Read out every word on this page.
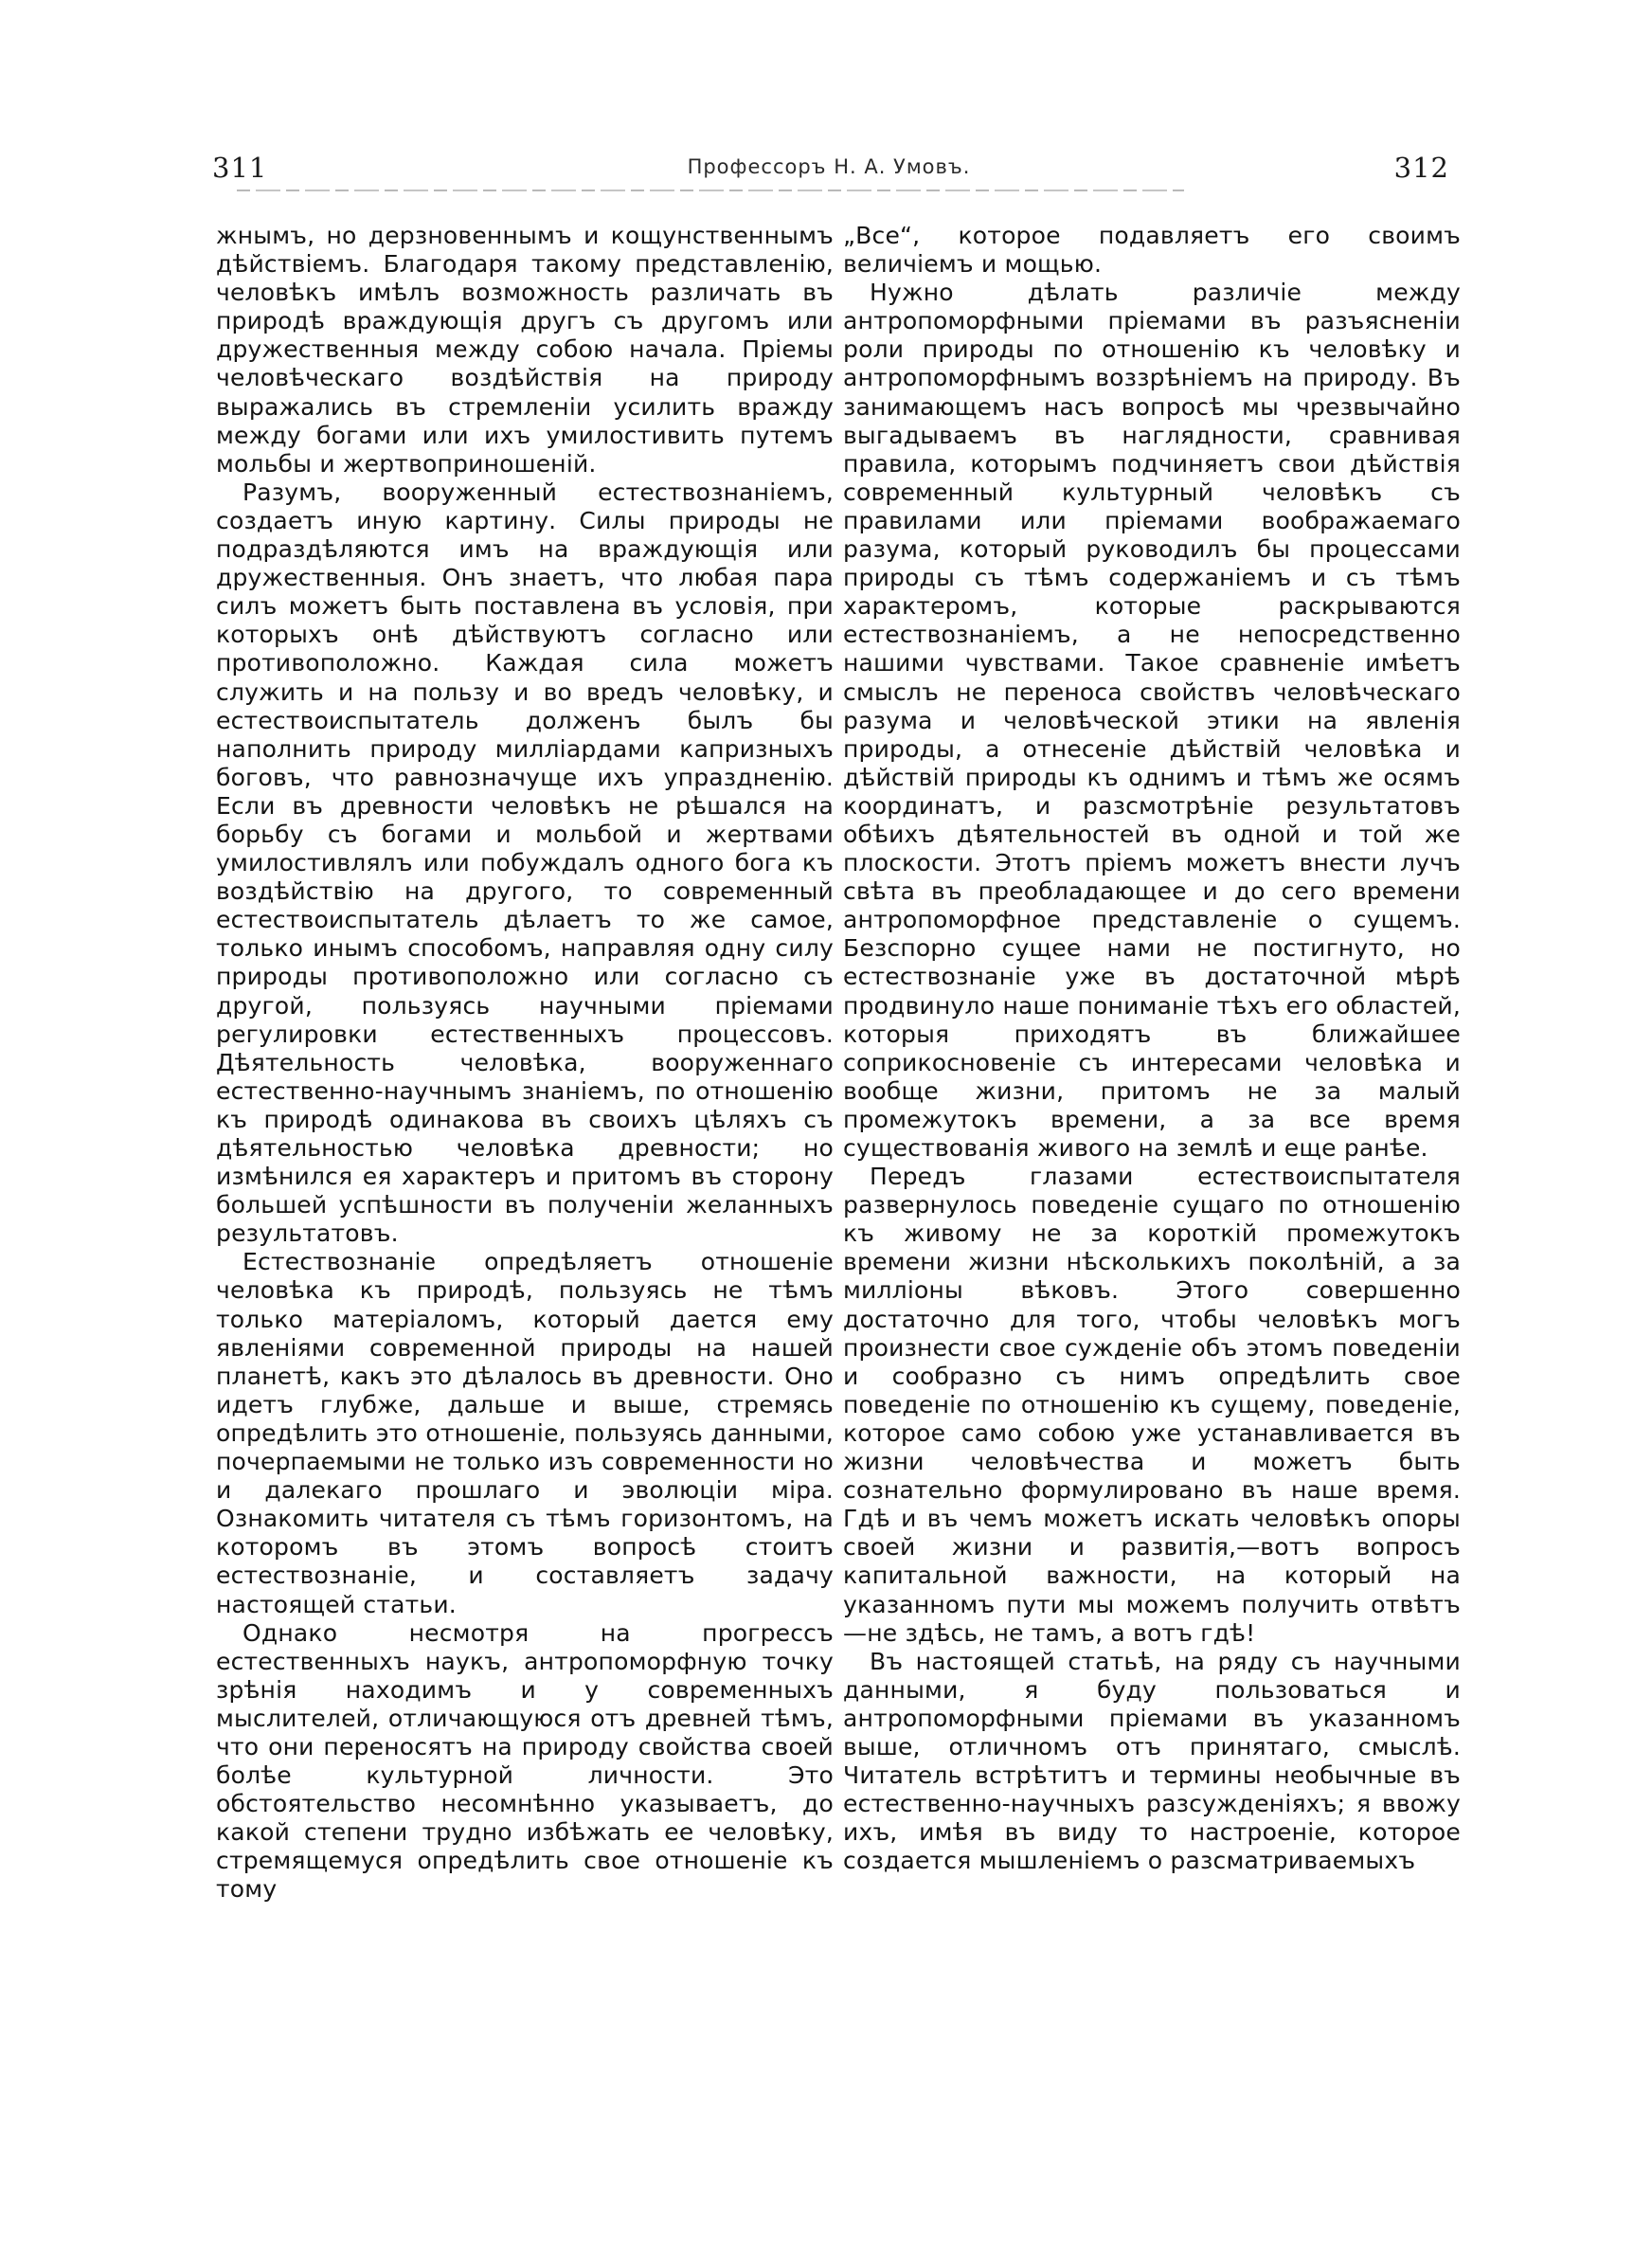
311	Профессоръ Н. А. Умовъ.	312

жнымъ, но дерзновеннымъ и кощунственнымъ дѣйствіемъ. Благодаря такому представленію, человѣкъ имѣлъ возможность различать въ природѣ враждующія другъ съ другомъ или дружественныя между собою начала. Пріемы человѣческаго воздѣйствія на природу выражались въ стремленіи усилить вражду между богами или ихъ умилостивить путемъ мольбы и жертвоприношеній.

Разумъ, вооруженный естествознаніемъ, создаетъ иную картину. Силы природы не подраздѣляются имъ на враждующія или дружественныя. Онъ знаетъ, что любая пара силъ можетъ быть поставлена въ условія, при которыхъ онѣ дѣйствуютъ согласно или противоположно. Каждая сила можетъ служить и на пользу и во вредъ человѣку, и естествоиспытатель долженъ былъ бы наполнить природу милліардами капризныхъ боговъ, что равнозначуще ихъ упраздненію. Если въ древности человѣкъ не рѣшался на борьбу съ богами и мольбой и жертвами умилостивлялъ или побуждалъ одного бога къ воздѣйствію на другого, то современный естествоиспытатель дѣлаетъ то же самое, только инымъ способомъ, направляя одну силу природы противоположно или согласно съ другой, пользуясь научными пріемами регулировки естественныхъ процессовъ. Дѣятельность человѣка, вооруженнаго естественно-научнымъ знаніемъ, по отношенію къ природѣ одинакова въ своихъ цѣляхъ съ дѣятельностью человѣка древности; но измѣнился ея характеръ и притомъ въ сторону большей успѣшности въ полученіи желанныхъ результатовъ.

Естествознаніе опредѣляетъ отношеніе человѣка къ природѣ, пользуясь не тѣмъ только матеріаломъ, который дается ему явленіями современной природы на нашей планетѣ, какъ это дѣлалось въ древности. Оно идетъ глубже, дальше и выше, стремясь опредѣлить это отношеніе, пользуясь данными, почерпаемыми не только изъ современности но и далекаго прошлаго и эволюціи міра. Ознакомить читателя съ тѣмъ горизонтомъ, на которомъ въ этомъ вопросѣ стоитъ естествознаніе, и составляетъ задачу настоящей статьи.

Однако несмотря на прогрессъ естественныхъ наукъ, антропоморфную точку зрѣнія находимъ и у современныхъ мыслителей, отличающуюся отъ древней тѣмъ, что они переносятъ на природу свойства своей болѣе культурной личности. Это обстоятельство несомнѣнно указываетъ, до какой степени трудно избѣжать ее человѣку, стремящемуся опредѣлить свое отношеніе къ тому

„Все“, которое подавляетъ его своимъ величіемъ и мощью.

Нужно дѣлать различіе между антропоморфными пріемами въ разъясненіи роли природы по отношенію къ человѣку и антропоморфнымъ воззрѣніемъ на природу. Въ занимающемъ насъ вопросѣ мы чрезвычайно выгадываемъ въ наглядности, сравнивая правила, которымъ подчиняетъ свои дѣйствія современный культурный человѣкъ съ правилами или пріемами воображаемаго разума, который руководилъ бы процессами природы съ тѣмъ содержаніемъ и съ тѣмъ характеромъ, которые раскрываются естествознаніемъ, а не непосредственно нашими чувствами. Такое сравненіе имѣетъ смыслъ не переноса свойствъ человѣческаго разума и человѣческой этики на явленія природы, а отнесеніе дѣйствій человѣка и дѣйствій природы къ однимъ и тѣмъ же осямъ координатъ, и разсмотрѣніе результатовъ обѣихъ дѣятельностей въ одной и той же плоскости. Этотъ пріемъ можетъ внести лучъ свѣта въ преобладающее и до сего времени антропоморфное представленіе о сущемъ. Безспорно сущее нами не постигнуто, но естествознаніе уже въ достаточной мѣрѣ продвинуло наше пониманіе тѣхъ его областей, которыя приходятъ въ ближайшее соприкосновеніе съ интересами человѣка и вообще жизни, притомъ не за малый промежутокъ времени, а за все время существованія живого на землѣ и еще ранѣе.

Передъ глазами естествоиспытателя развернулось поведеніе сущаго по отношенію къ живому не за короткій промежутокъ времени жизни нѣсколькихъ поколѣній, а за милліоны вѣковъ. Этого совершенно достаточно для того, чтобы человѣкъ могъ произнести свое сужденіе объ этомъ поведеніи и сообразно съ нимъ опредѣлить свое поведеніе по отношенію къ сущему, поведеніе, которое само собою уже устанавливается въ жизни человѣчества и можетъ быть сознательно формулировано въ наше время. Гдѣ и въ чемъ можетъ искать человѣкъ опоры своей жизни и развитія,—вотъ вопросъ капитальной важности, на который на указанномъ пути мы можемъ получить отвѣтъ—не здѣсь, не тамъ, а вотъ гдѣ!

Въ настоящей статьѣ, на ряду съ научными данными, я буду пользоваться и антропоморфными пріемами въ указанномъ выше, отличномъ отъ принятаго, смыслѣ. Читатель встрѣтитъ и термины необычные въ естественно-научныхъ разсужденіяхъ; я ввожу ихъ, имѣя въ виду то настроеніе, которое создается мышленіемъ о разсматриваемыхъ
